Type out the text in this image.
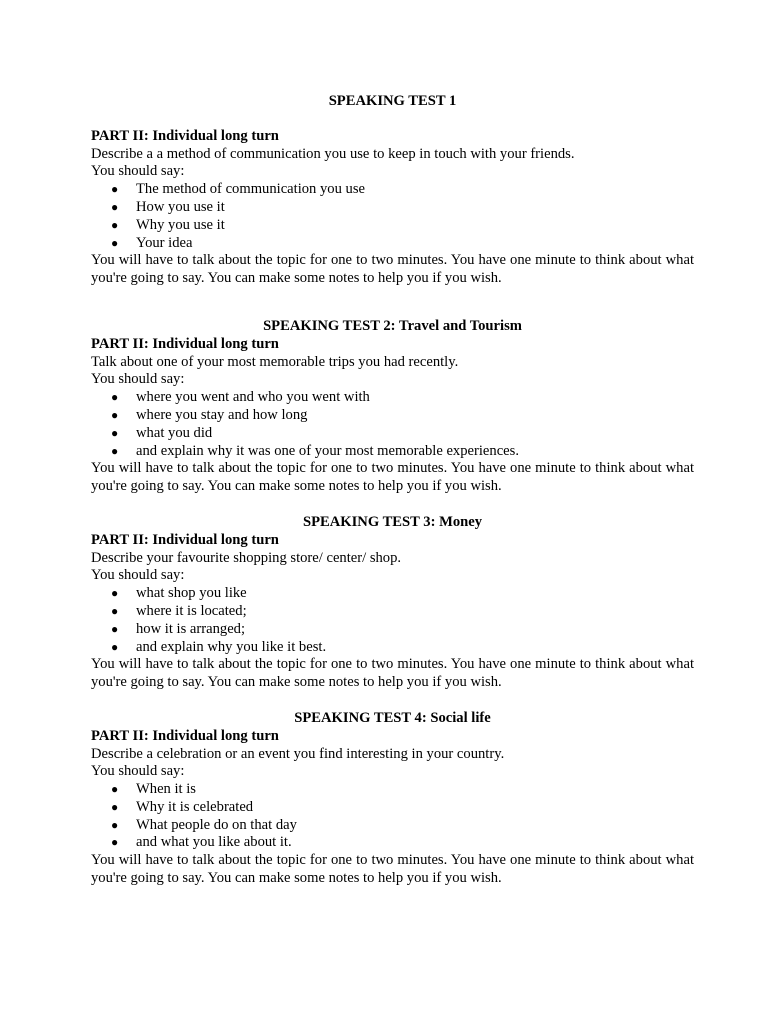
SPEAKING TEST 1

PART II: Individual long turn

Describe a a method of communication you use to keep in touch with your friends.

You should say:

● The method of communication you use
● How you use it
● Why you use it
● Your idea

You will have to talk about the topic for one to two minutes. You have one minute to think about what you're going to say. You can make some notes to help you if you wish.

SPEAKING TEST 2: Travel and Tourism

PART II: Individual long turn

Talk about one of your most memorable trips you had recently.

You should say:

● where you went and who you went with
● where you stay and how long
● what you did
● and explain why it was one of your most memorable experiences.

You will have to talk about the topic for one to two minutes. You have one minute to think about what you're going to say. You can make some notes to help you if you wish.

SPEAKING TEST 3: Money

PART II: Individual long turn

Describe your favourite shopping store/ center/ shop.

You should say:

● what shop you like
● where it is located;
● how it is arranged;
● and explain why you like it best.

You will have to talk about the topic for one to two minutes. You have one minute to think about what you're going to say. You can make some notes to help you if you wish.

SPEAKING TEST 4: Social life

PART II: Individual long turn

Describe a celebration or an event you find interesting in your country.

You should say:

● When it is
● Why it is celebrated
● What people do on that day
● and what you like about it.

You will have to talk about the topic for one to two minutes. You have one minute to think about what you're going to say. You can make some notes to help you if you wish.
